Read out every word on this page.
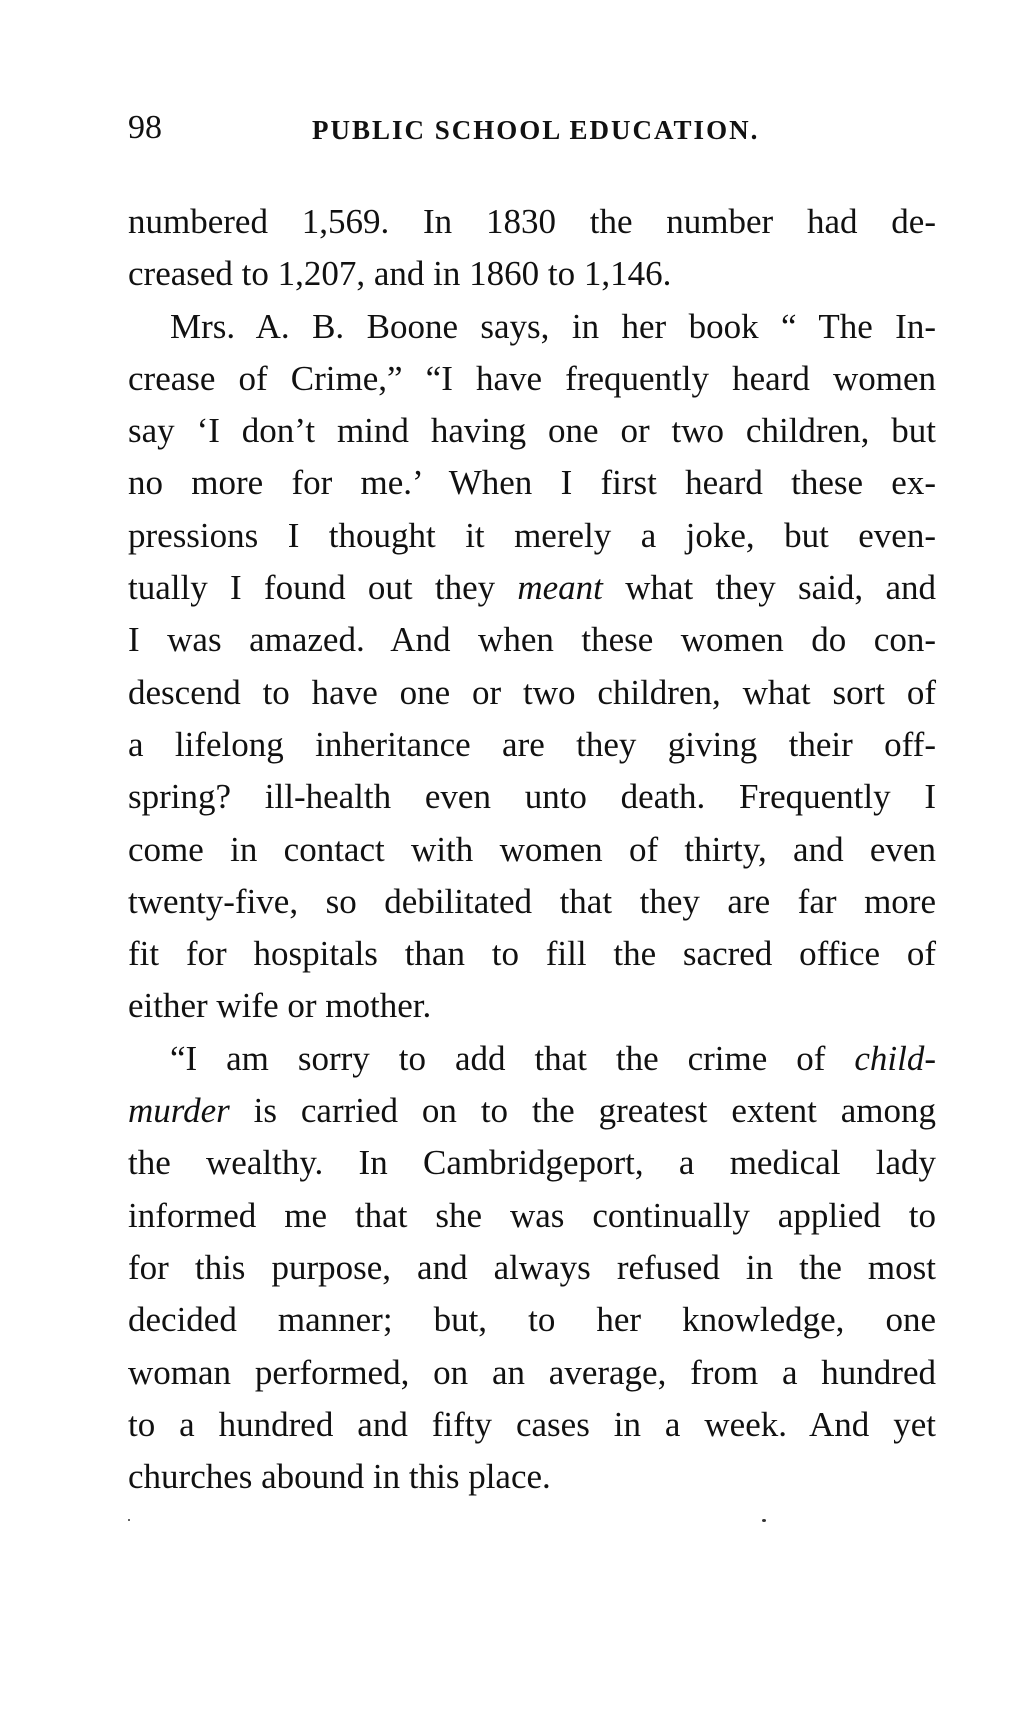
98	PUBLIC SCHOOL EDUCATION.

numbered 1,569. In 1830 the number had de-
creased to 1,207, and in 1860 to 1,146.

Mrs. A. B. Boone says, in her book “ The In-
crease of Crime,” “I have frequently heard women
say ‘I don’t mind having one or two children, but
no more for me.’ When I first heard these ex-
pressions I thought it merely a joke, but even-
tually I found out they meant what they said, and
I was amazed. And when these women do con-
descend to have one or two children, what sort of
a lifelong inheritance are they giving their off-
spring? ill-health even unto death. Frequently I
come in contact with women of thirty, and even
twenty-five, so debilitated that they are far more
fit for hospitals than to fill the sacred office of
either wife or mother.

“I am sorry to add that the crime of child-
murder is carried on to the greatest extent among
the wealthy. In Cambridgeport, a medical lady
informed me that she was continually applied to
for this purpose, and always refused in the most
decided manner; but, to her knowledge, one
woman performed, on an average, from a hundred
to a hundred and fifty cases in a week. And yet
churches abound in this place.
